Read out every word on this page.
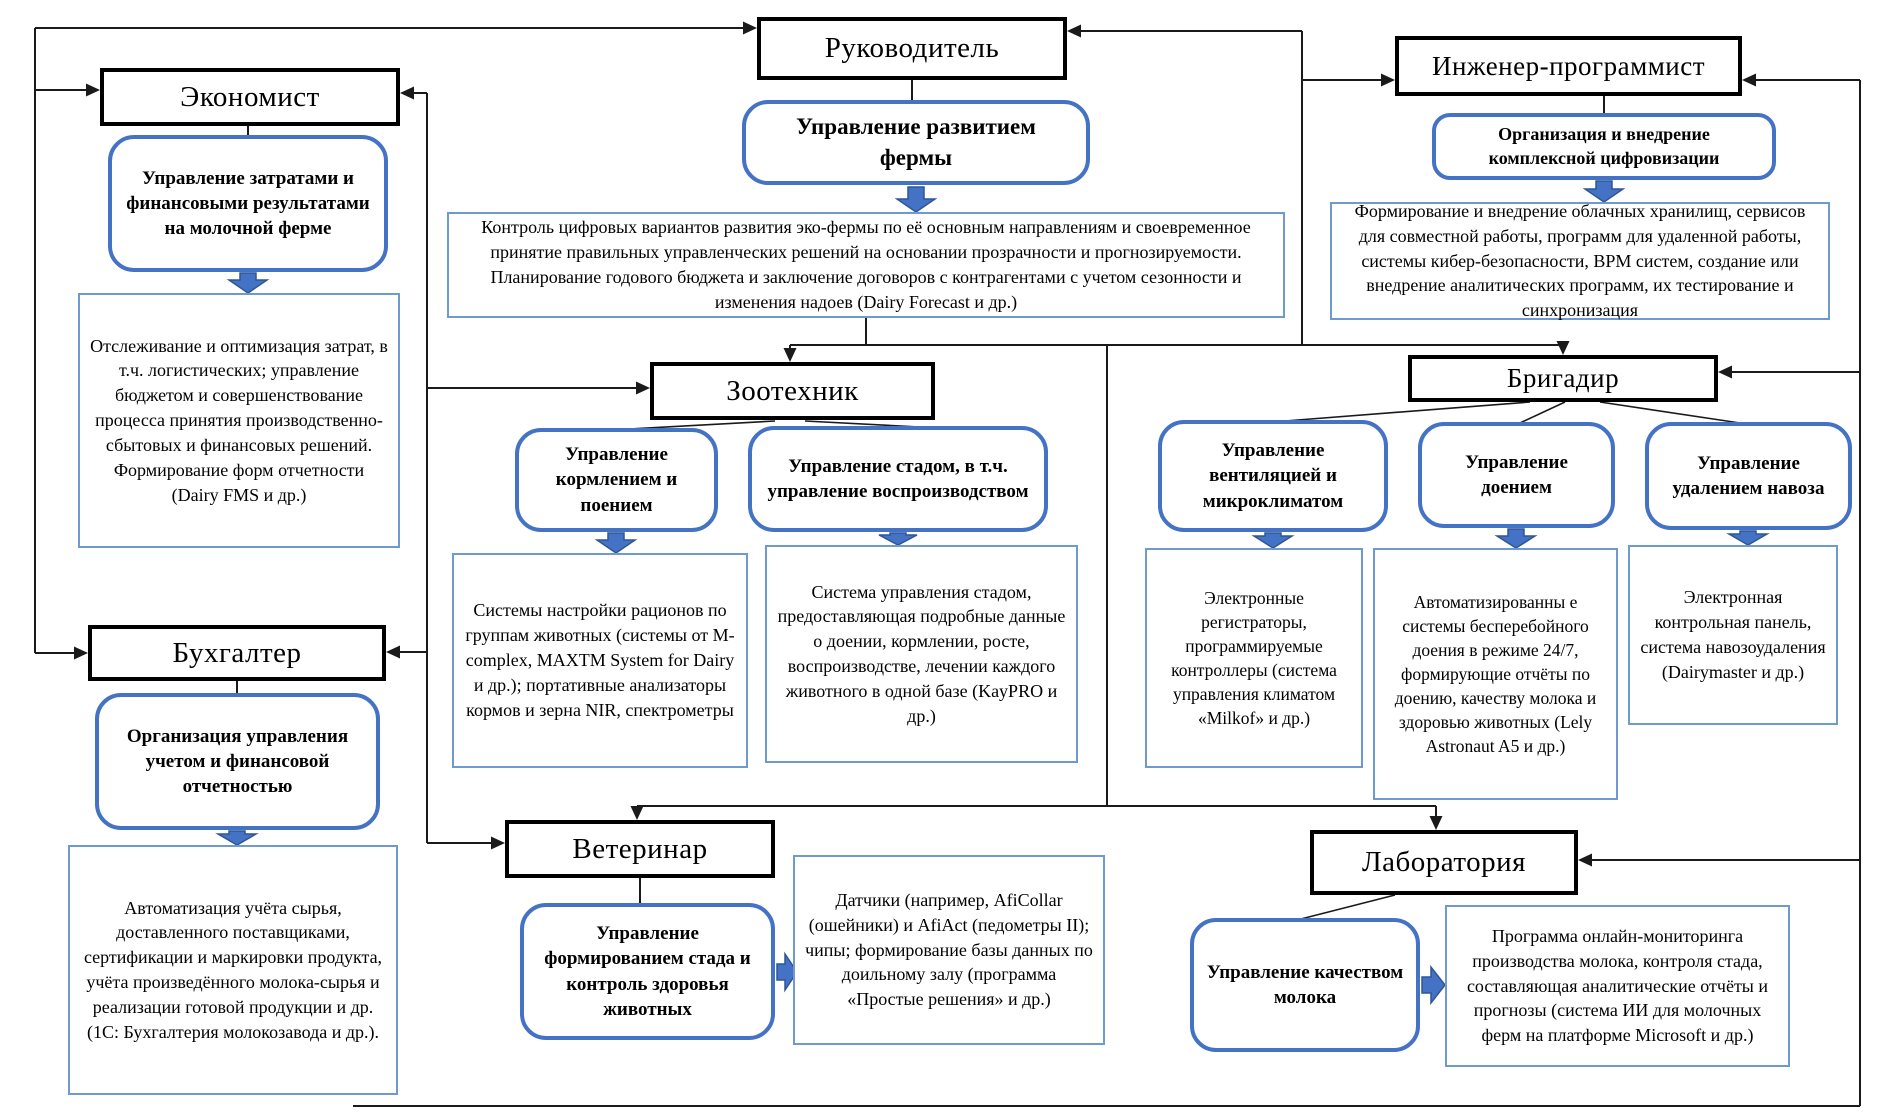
Руководитель
Экономист
Инженер-программист
Зоотехник	Бригадир
Бухгалтер
Ветеринар	Лаборатория
Управление развитием фермы
Управление затратами и финансовыми результатами на молочной ферме
Организация и внедрение комплексной цифровизации
Управление кормлением и поением
Управление стадом, в т.ч. управление воспроизводством
Управление вентиляцией и микроклиматом
Управление доением
Управление удалением навоза
Организация управления учетом и финансовой отчетностью
Управление формированием стада и контроль здоровья животных
Управление качеством молока
Контроль цифровых вариантов развития эко-фермы по её основным направлениям и своевременное принятие правильных управленческих решений на основании прозрачности и прогнозируемости. Планирование годового бюджета и заключение договоров с контрагентами с учетом сезонности и изменения надоев (Dairy Forecast и др.)
Отслеживание и оптимизация затрат, в т.ч. логистических; управление бюджетом и совершенствование процесса принятия производственно-сбытовых и финансовых решений. Формирование форм отчетности (Dairy FMS и др.)
Формирование и внедрение облачных хранилищ, сервисов для совместной работы, программ для удаленной работы, системы кибер-безопасности, BPM систем, создание или внедрение аналитических программ, их тестирование и синхронизация
Системы настройки рационов по группам животных (системы от M-complex, MAXTM System for Dairy и др.); портативные анализаторы кормов и зерна NIR, спектрометры
Система управления стадом, предоставляющая подробные данные о доении, кормлении, росте, воспроизводстве, лечении каждого животного в одной базе (KayPRO и др.)
Электронные регистраторы, программируемые контроллеры (система управления климатом «Milkof» и др.)
Автоматизированны е системы бесперебойного доения в режиме 24/7, формирующие отчёты по доению, качеству молока и здоровью животных (Lely Astronaut A5 и др.)
Электронная контрольная панель, система навозоудаления (Dairymaster и др.)
Автоматизация учёта сырья, доставленного поставщиками, сертификации и маркировки продукта, учёта произведённого молока-сырья и реализации готовой продукции и др. (1С: Бухгалтерия молокозавода и др.).
Датчики (например, AfiCollar (ошейники) и AfiAct (педометры II); чипы; формирование базы данных по доильному залу (программа «Простые решения» и др.)
Программа онлайн-мониторинга производства молока, контроля стада, составляющая аналитические отчёты и прогнозы (система ИИ для молочных ферм на платформе Microsoft и др.)
